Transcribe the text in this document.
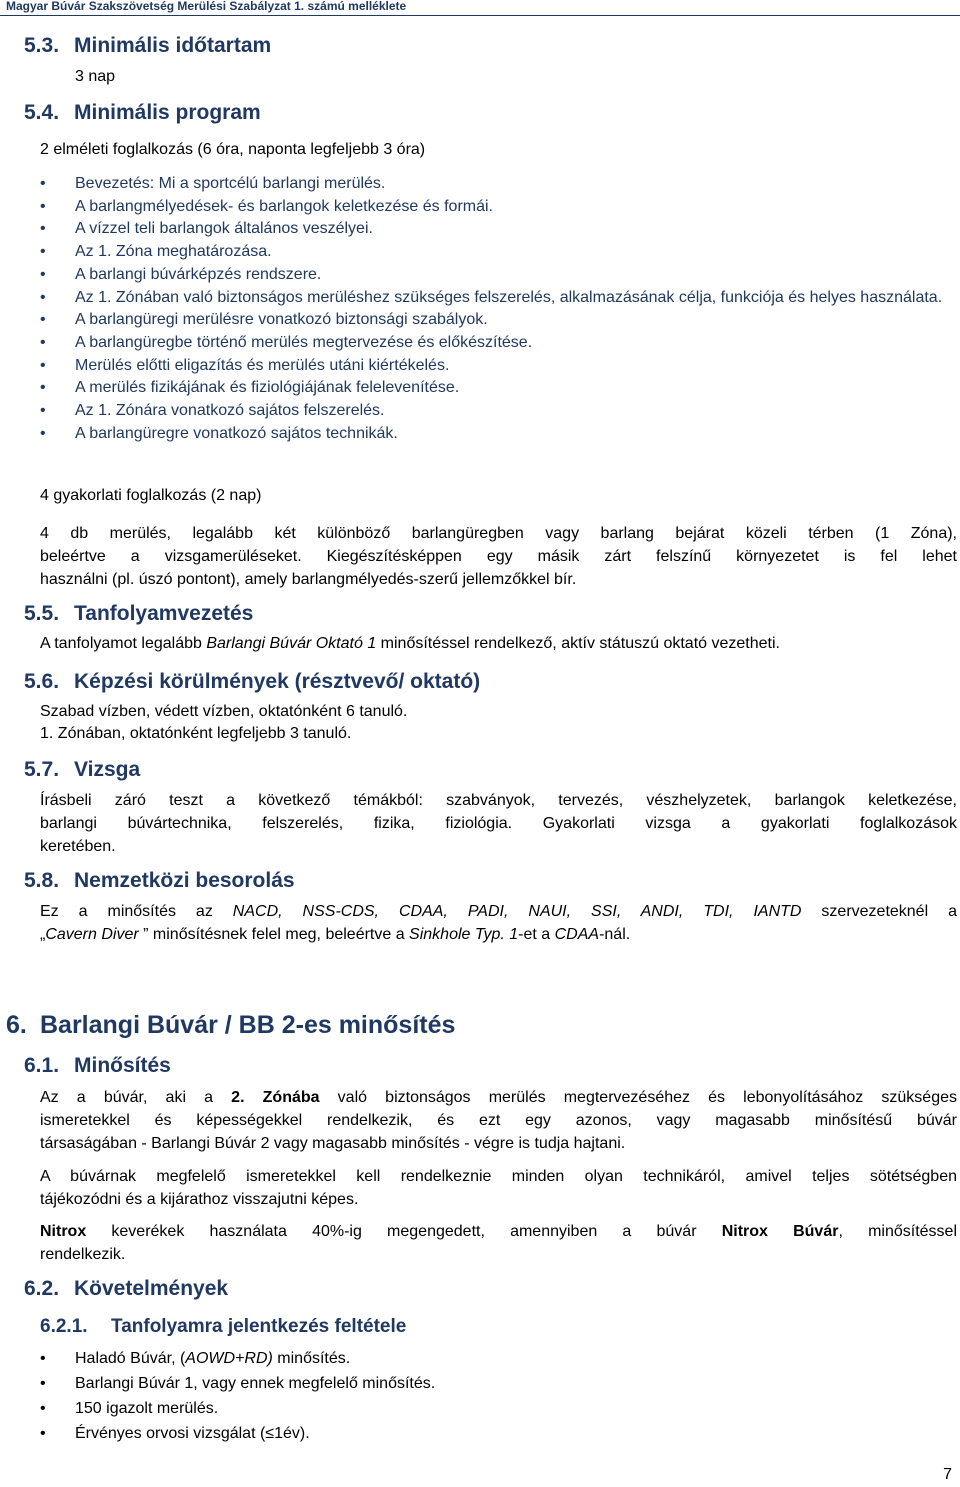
Magyar Búvár Szakszövetség Merülési Szabályzat 1. számú melléklete
5.3. Minimális időtartam
3 nap
5.4. Minimális program
2 elméleti foglalkozás (6 óra, naponta legfeljebb 3 óra)
• Bevezetés: Mi a sportcélú barlangi merülés.
• A barlangmélyedések- és barlangok keletkezése és formái.
• A vízzel teli barlangok általános veszélyei.
• Az 1. Zóna meghatározása.
• A barlangi búvárképzés rendszere.
• Az 1. Zónában való biztonságos merüléshez szükséges felszerelés, alkalmazásának célja, funkciója és helyes használata.
• A barlangüregi merülésre vonatkozó biztonsági szabályok.
• A barlangüregbe történő merülés megtervezése és előkészítése.
• Merülés előtti eligazítás és merülés utáni kiértékelés.
• A merülés fizikájának és fiziológiájának felelevenítése.
• Az 1. Zónára vonatkozó sajátos felszerelés.
• A barlangüregre vonatkozó sajátos technikák.
4 gyakorlati foglalkozás (2 nap)
4 db merülés, legalább két különböző barlangüregben vagy barlang bejárat közeli térben (1 Zóna),
beleértve a vizsgamerüléseket. Kiegészítésképpen egy másik zárt felszínű környezetet is fel lehet
használni (pl. úszó pontont), amely barlangmélyedés-szerű jellemzőkkel bír.
5.5. Tanfolyamvezetés
A tanfolyamot legalább Barlangi Búvár Oktató 1 minősítéssel rendelkező, aktív státuszú oktató vezetheti.
5.6. Képzési körülmények (résztvevő/ oktató)
Szabad vízben, védett vízben, oktatónként 6 tanuló.
1. Zónában, oktatónként legfeljebb 3 tanuló.
5.7. Vizsga
Írásbeli záró teszt a következő témákból: szabványok, tervezés, vészhelyzetek, barlangok keletkezése,
barlangi búvártechnika, felszerelés, fizika, fiziológia. Gyakorlati vizsga a gyakorlati foglalkozások
keretében.
5.8. Nemzetközi besorolás
Ez a minősítés az NACD, NSS-CDS, CDAA, PADI, NAUI, SSI, ANDI, TDI, IANTD szervezeteknél a
„Cavern Diver ” minősítésnek felel meg, beleértve a Sinkhole Typ. 1-et a CDAA-nál.
6. Barlangi Búvár / BB 2-es minősítés
6.1. Minősítés
Az a búvár, aki a 2. Zónába való biztonságos merülés megtervezéséhez és lebonyolításához szükséges
ismeretekkel és képességekkel rendelkezik, és ezt egy azonos, vagy magasabb minősítésű búvár
társaságában - Barlangi Búvár 2 vagy magasabb minősítés - végre is tudja hajtani.
A búvárnak megfelelő ismeretekkel kell rendelkeznie minden olyan technikáról, amivel teljes sötétségben
tájékozódni és a kijárathoz visszajutni képes.
Nitrox keverékek használata 40%-ig megengedett, amennyiben a búvár Nitrox Búvár, minősítéssel
rendelkezik.
6.2. Követelmények
6.2.1. Tanfolyamra jelentkezés feltétele
• Haladó Búvár, (AOWD+RD) minősítés.
• Barlangi Búvár 1, vagy ennek megfelelő minősítés.
• 150 igazolt merülés.
• Érvényes orvosi vizsgálat (≤1év).
7
